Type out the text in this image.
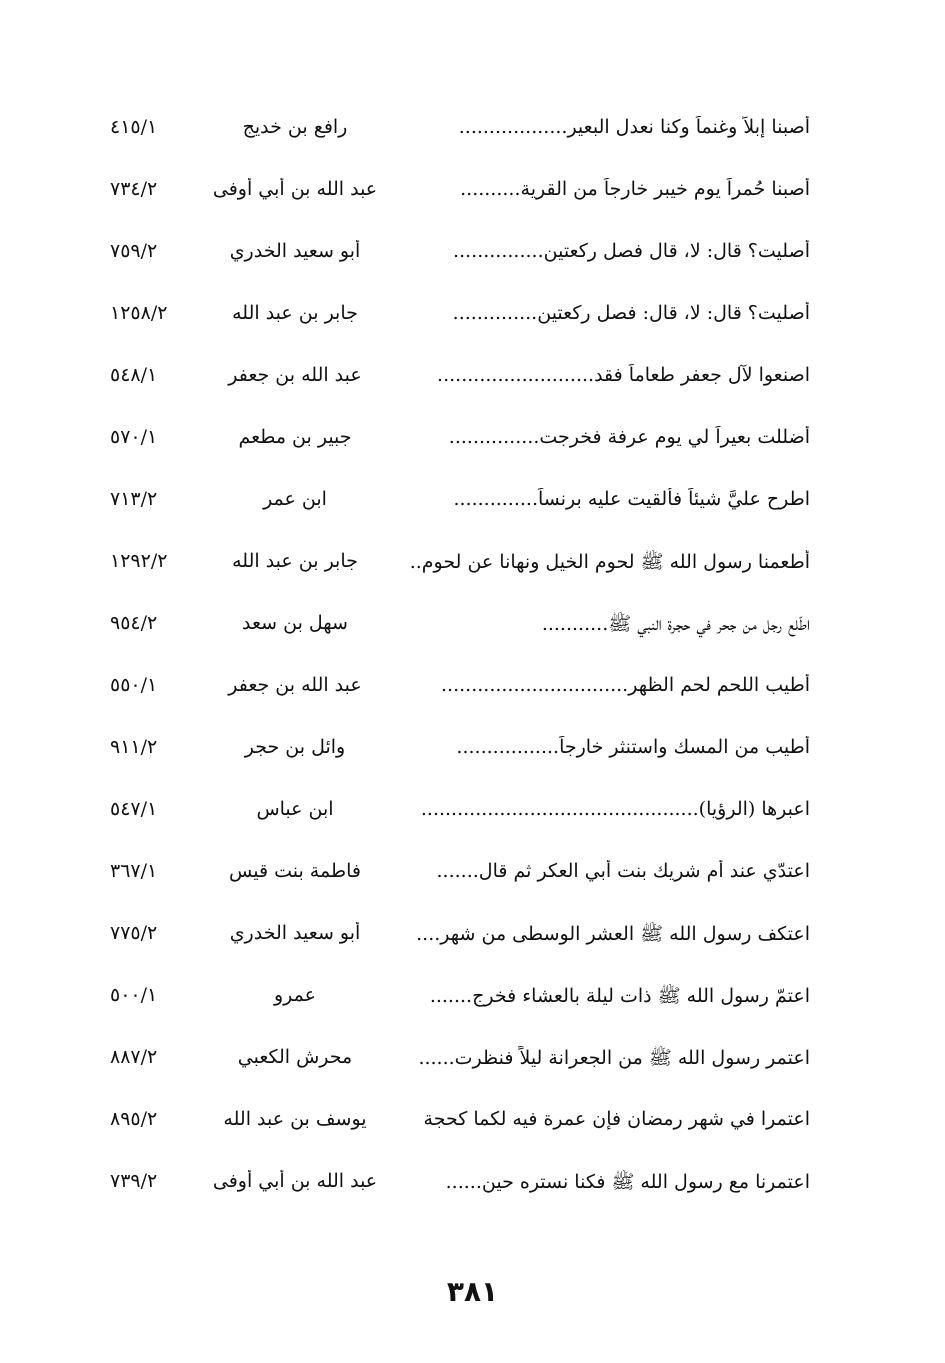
أصبنا إبلاً وغنماً وكنا نعدل البعير..................
رافع بن خديج
٤١٥/١
أصبنا حُمراً يوم خيبر خارجاً من القرية..........
عبد الله بن أبي أوفى
٧٣٤/٢
أصليت؟ قال: لا، قال فصل ركعتين...............
أبو سعيد الخدري
٧٥٩/٢
أصليت؟ قال: لا، قال: فصل ركعتين..............
جابر بن عبد الله
١٢٥٨/٢
اصنعوا لآل جعفر طعاماً فقد..........................
عبد الله بن جعفر
٥٤٨/١
أضللت بعيراً لي يوم عرفة فخرجت...............
جبير بن مطعم
٥٧٠/١
اطرح عليَّ شيئاً فألقيت عليه برنساً..............
ابن عمر
٧١٣/٢
أطعمنا رسول الله ﷺ لحوم الخيل ونهانا عن لحوم..
جابر بن عبد الله
١٢٩٢/٢
اطّلع رجل من جحر في حجرة النبي ﷺ...........
سهل بن سعد
٩٥٤/٢
أطيب اللحم لحم الظهر...............................
عبد الله بن جعفر
٥٥٠/١
أطيب من المسك واستنثر خارجاً.................
وائل بن حجر
٩١١/٢
اعبرها (الرؤيا)..............................................
ابن عباس
٥٤٧/١
اعتدّي عند أم شريك بنت أبي العكر ثم قال.......
فاطمة بنت قيس
٣٦٧/١
اعتكف رسول الله ﷺ العشر الوسطى من شهر....
أبو سعيد الخدري
٧٧٥/٢
اعتمّ رسول الله ﷺ ذات ليلة بالعشاء فخرج.......
عمرو
٥٠٠/١
اعتمر رسول الله ﷺ من الجعرانة ليلاً فنظرت......
محرش الكعبي
٨٨٧/٢
اعتمرا في شهر رمضان فإن عمرة فيه لكما كحجة
يوسف بن عبد الله
٨٩٥/٢
اعتمرنا مع رسول الله ﷺ فكنا نستره حين......
عبد الله بن أبي أوفى
٧٣٩/٢
٣٨١
